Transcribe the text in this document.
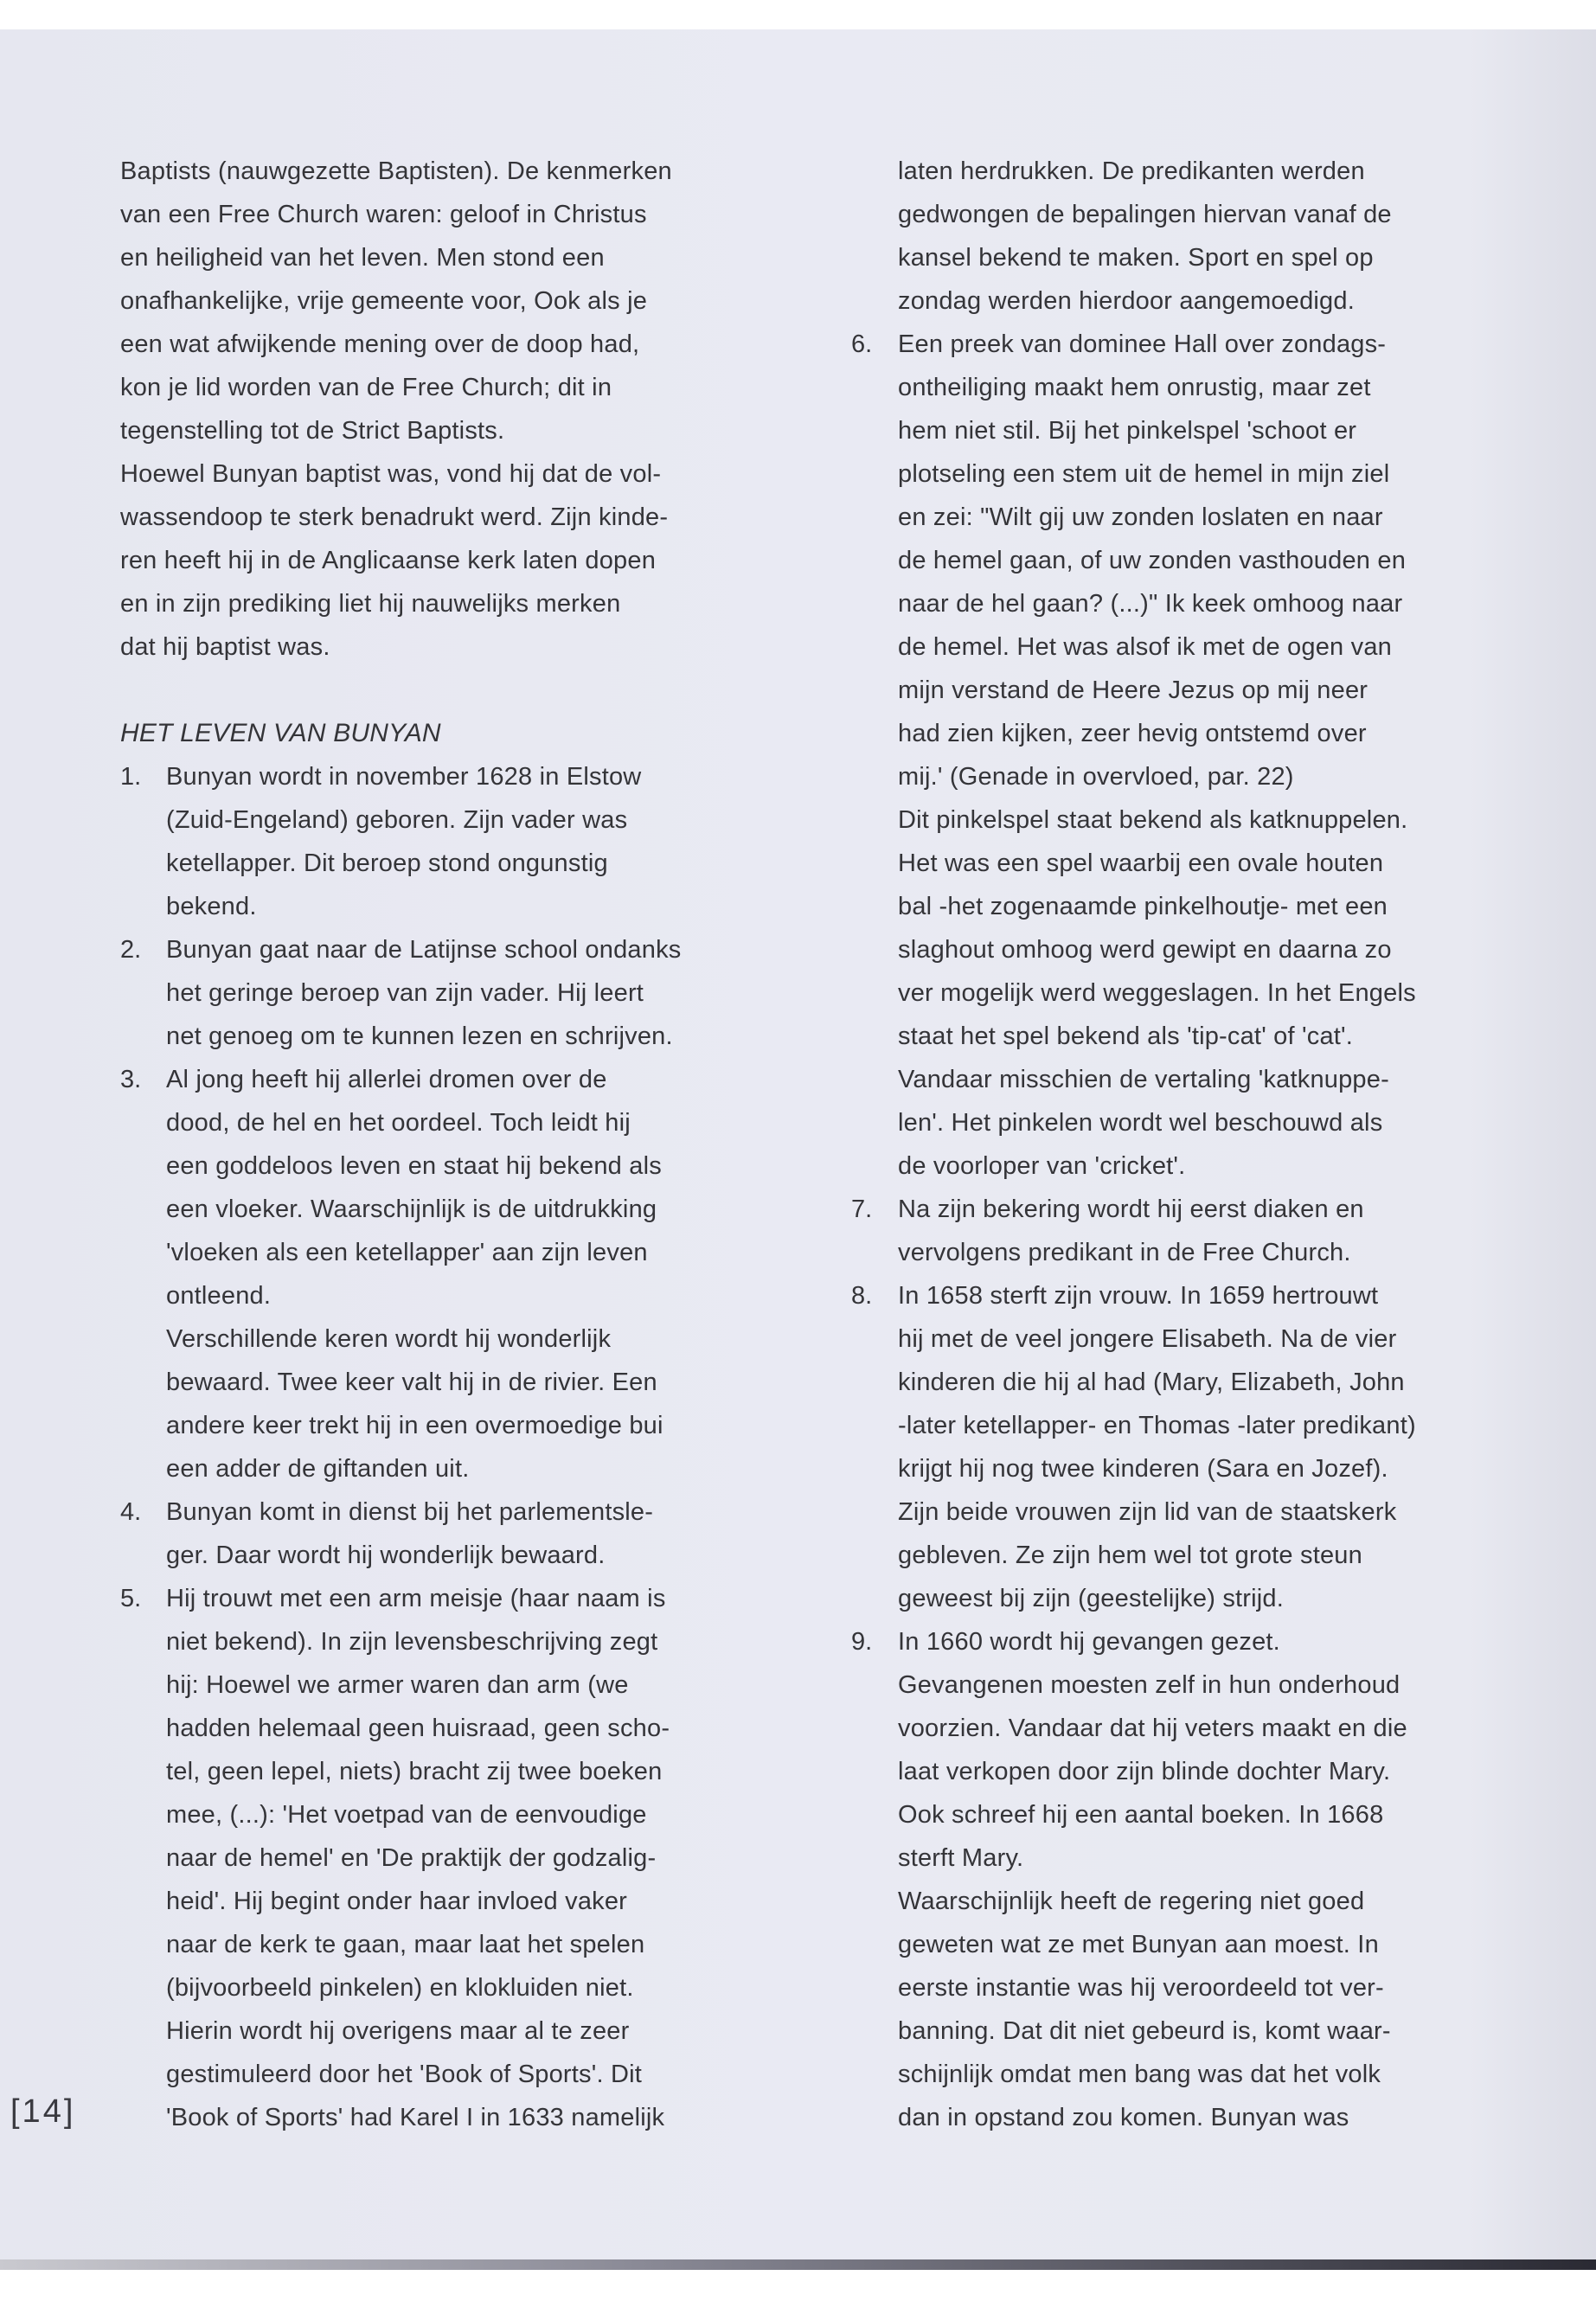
[14]
Baptists (nauwgezette Baptisten). De kenmerken
van een Free Church waren: geloof in Christus
en heiligheid van het leven. Men stond een
onafhankelijke, vrije gemeente voor, Ook als je
een wat afwijkende mening over de doop had,
kon je lid worden van de Free Church; dit in
tegenstelling tot de Strict Baptists.
Hoewel Bunyan baptist was, vond hij dat de vol-
wassendoop te sterk benadrukt werd. Zijn kinde-
ren heeft hij in de Anglicaanse kerk laten dopen
en in zijn prediking liet hij nauwelijks merken
dat hij baptist was.
HET LEVEN VAN BUNYAN
1. Bunyan wordt in november 1628 in Elstow
(Zuid-Engeland) geboren. Zijn vader was
ketellapper. Dit beroep stond ongunstig
bekend.
2. Bunyan gaat naar de Latijnse school ondanks
het geringe beroep van zijn vader. Hij leert
net genoeg om te kunnen lezen en schrijven.
3. Al jong heeft hij allerlei dromen over de
dood, de hel en het oordeel. Toch leidt hij
een goddeloos leven en staat hij bekend als
een vloeker. Waarschijnlijk is de uitdrukking
'vloeken als een ketellapper' aan zijn leven
ontleend.
Verschillende keren wordt hij wonderlijk
bewaard. Twee keer valt hij in de rivier. Een
andere keer trekt hij in een overmoedige bui
een adder de giftanden uit.
4. Bunyan komt in dienst bij het parlementsle-
ger. Daar wordt hij wonderlijk bewaard.
5. Hij trouwt met een arm meisje (haar naam is
niet bekend). In zijn levensbeschrijving zegt
hij: Hoewel we armer waren dan arm (we
hadden helemaal geen huisraad, geen scho-
tel, geen lepel, niets) bracht zij twee boeken
mee, (...): 'Het voetpad van de eenvoudige
naar de hemel' en 'De praktijk der godzalig-
heid'. Hij begint onder haar invloed vaker
naar de kerk te gaan, maar laat het spelen
(bijvoorbeeld pinkelen) en klokluiden niet.
Hierin wordt hij overigens maar al te zeer
gestimuleerd door het 'Book of Sports'. Dit
'Book of Sports' had Karel I in 1633 namelijk
laten herdrukken. De predikanten werden
gedwongen de bepalingen hiervan vanaf de
kansel bekend te maken. Sport en spel op
zondag werden hierdoor aangemoedigd.
6. Een preek van dominee Hall over zondags-
ontheiliging maakt hem onrustig, maar zet
hem niet stil. Bij het pinkelspel 'schoot er
plotseling een stem uit de hemel in mijn ziel
en zei: "Wilt gij uw zonden loslaten en naar
de hemel gaan, of uw zonden vasthouden en
naar de hel gaan? (...)" Ik keek omhoog naar
de hemel. Het was alsof ik met de ogen van
mijn verstand de Heere Jezus op mij neer
had zien kijken, zeer hevig ontstemd over
mij.' (Genade in overvloed, par. 22)
Dit pinkelspel staat bekend als katknuppelen.
Het was een spel waarbij een ovale houten
bal -het zogenaamde pinkelhoutje- met een
slaghout omhoog werd gewipt en daarna zo
ver mogelijk werd weggeslagen. In het Engels
staat het spel bekend als 'tip-cat' of 'cat'.
Vandaar misschien de vertaling 'katknuppe-
len'. Het pinkelen wordt wel beschouwd als
de voorloper van 'cricket'.
7. Na zijn bekering wordt hij eerst diaken en
vervolgens predikant in de Free Church.
8. In 1658 sterft zijn vrouw. In 1659 hertrouwt
hij met de veel jongere Elisabeth. Na de vier
kinderen die hij al had (Mary, Elizabeth, John
-later ketellapper- en Thomas -later predikant)
krijgt hij nog twee kinderen (Sara en Jozef).
Zijn beide vrouwen zijn lid van de staatskerk
gebleven. Ze zijn hem wel tot grote steun
geweest bij zijn (geestelijke) strijd.
9. In 1660 wordt hij gevangen gezet.
Gevangenen moesten zelf in hun onderhoud
voorzien. Vandaar dat hij veters maakt en die
laat verkopen door zijn blinde dochter Mary.
Ook schreef hij een aantal boeken. In 1668
sterft Mary.
Waarschijnlijk heeft de regering niet goed
geweten wat ze met Bunyan aan moest. In
eerste instantie was hij veroordeeld tot ver-
banning. Dat dit niet gebeurd is, komt waar-
schijnlijk omdat men bang was dat het volk
dan in opstand zou komen. Bunyan was
